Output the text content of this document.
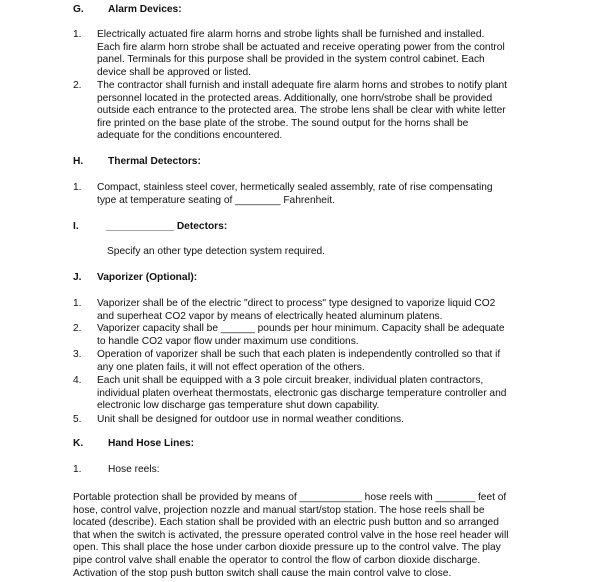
G. Alarm Devices:
1. Electrically actuated fire alarm horns and strobe lights shall be furnished and installed.
Each fire alarm horn strobe shall be actuated and receive operating power from the control
panel. Terminals for this purpose shall be provided in the system control cabinet. Each
device shall be approved or listed.
2. The contractor shall furnish and install adequate fire alarm horns and strobes to notify plant
personnel located in the protected areas. Additionally, one horn/strobe shall be provided
outside each entrance to the protected area. The strobe lens shall be clear with white letter
fire printed on the base plate of the strobe. The sound output for the horns shall be
adequate for the conditions encountered.
H. Thermal Detectors:
1. Compact, stainless steel cover, hermetically sealed assembly, rate of rise compensating
type at temperature seating of ________ Fahrenheit.
I.	____________ Detectors:
Specify an other type detection system required.
J. Vaporizer (Optional):
1. Vaporizer shall be of the electric "direct to process" type designed to vaporize liquid CO2
and superheat CO2 vapor by means of electrically heated aluminum platens.
2. Vaporizer capacity shall be ______ pounds per hour minimum. Capacity shall be adequate
to handle CO2 vapor flow under maximum use conditions.
3. Operation of vaporizer shall be such that each platen is independently controlled so that if
any one platen fails, it will not effect operation of the others.
4. Each unit shall be equipped with a 3 pole circuit breaker, individual platen contractors,
individual platen overheat thermostats, electronic gas discharge temperature controller and
electronic low discharge gas temperature shut down capability.
5. Unit shall be designed for outdoor use in normal weather conditions.
K. Hand Hose Lines:
1.	Hose reels:
Portable protection shall be provided by means of ___________ hose reels with _______ feet of
hose, control valve, projection nozzle and manual start/stop station. The hose reels shall be
located (describe). Each station shall be provided with an electric push button and so arranged
that when the switch is activated, the pressure operated control valve in the hose reel header will
open. This shall place the hose under carbon dioxide pressure up to the control valve. The play
pipe control valve shall enable the operator to control the flow of carbon dioxide discharge.
Activation of the stop push button switch shall cause the main control valve to close.
